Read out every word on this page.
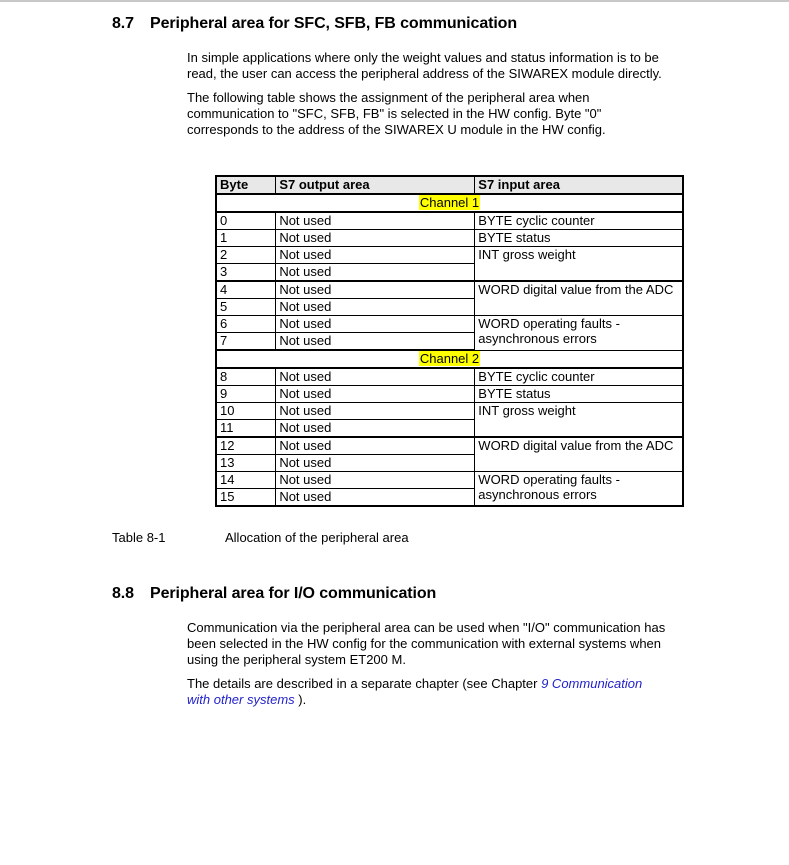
8.7 Peripheral area for SFC, SFB, FB communication
In simple applications where only the weight values and status information is to be
read, the user can access the peripheral address of the SIWAREX module directly.
The following table shows the assignment of the peripheral area when
communication to "SFC, SFB, FB" is selected in the HW config. Byte "0"
corresponds to the address of the SIWAREX U module in the HW config.
Byte	S7 output area	S7 input area
Channel 1		
0	Not used	BYTE cyclic counter
1	Not used	BYTE status
2	Not used	INT gross weight
3	Not used	
4	Not used	WORD digital value from the ADC
5	Not used	
6	Not used	WORD operating faults - asynchronous errors
7	Not used	
Channel 2		
8	Not used	BYTE cyclic counter
9	Not used	BYTE status
10	Not used	INT gross weight
11	Not used	
12	Not used	WORD digital value from the ADC
13	Not used	
14	Not used	WORD operating faults - asynchronous errors
15	Not used	
Table 8-1	Allocation of the peripheral area
8.8 Peripheral area for I/O communication
Communication via the peripheral area can be used when "I/O" communication has
been selected in the HW config for the communication with external systems when
using the peripheral system ET200 M.
The details are described in a separate chapter (see Chapter 9 Communication
with other systems ).
